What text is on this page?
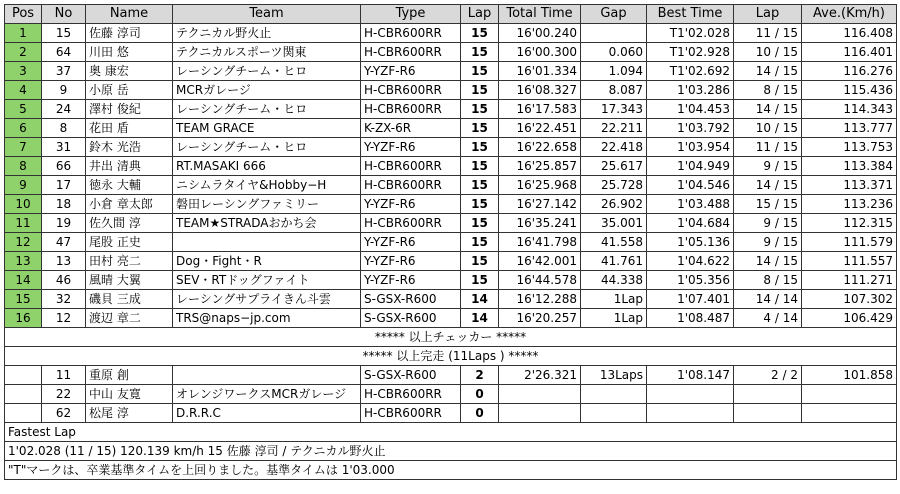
Pos	No	Name	Team	Type	Lap	Total Time	Gap	Best Time	Lap	Ave.(Km/h)
1	15	佐藤 淳司	テクニカル野火止	H-CBR600RR	15	16'00.240		T1'02.028	11 / 15	116.408
2	64	川田 悠	テクニカルスポーツ関東	H-CBR600RR	15	16'00.300	0.060	T1'02.928	10 / 15	116.401
3	37	奥 康宏	レーシングチーム・ヒロ	Y-YZF-R6	15	16'01.334	1.094	T1'02.692	14 / 15	116.276
4	9	小原 岳	MCRガレージ	H-CBR600RR	15	16'08.327	8.087	1'03.286	8 / 15	115.436
5	24	澤村 俊紀	レーシングチーム・ヒロ	H-CBR600RR	15	16'17.583	17.343	1'04.453	14 / 15	114.343
6	8	花田 盾	TEAM GRACE	K-ZX-6R	15	16'22.451	22.211	1'03.792	10 / 15	113.777
7	31	鈴木 光浩	レーシングチーム・ヒロ	Y-YZF-R6	15	16'22.658	22.418	1'03.954	11 / 15	113.753
8	66	井出 清典	RT.MASAKI 666	H-CBR600RR	15	16'25.857	25.617	1'04.949	9 / 15	113.384
9	17	徳永 大輔	ニシムラタイヤ&Hobby−H	H-CBR600RR	15	16'25.968	25.728	1'04.546	14 / 15	113.371
10	18	小倉 章太郎	磐田レーシングファミリー	Y-YZF-R6	15	16'27.142	26.902	1'03.488	15 / 15	113.236
11	19	佐久間 淳	TEAM★STRADAおかち会	H-CBR600RR	15	16'35.241	35.001	1'04.684	9 / 15	112.315
12	47	尾股 正史		Y-YZF-R6	15	16'41.798	41.558	1'05.136	9 / 15	111.579
13	13	田村 亮二	Dog・Fight・R	Y-YZF-R6	15	16'42.001	41.761	1'04.622	14 / 15	111.557
14	46	風晴 大翼	SEV・RTドッグファイト	Y-YZF-R6	15	16'44.578	44.338	1'05.356	8 / 15	111.271
15	32	磯貝 三成	レーシングサプライきん斗雲	S-GSX-R600	14	16'12.288	1Lap	1'07.401	14 / 14	107.302
16	12	渡辺 章二	TRS@naps−jp.com	S-GSX-R600	14	16'20.257	1Lap	1'08.487	4 / 14	106.429
***** 以上チェッカー *****										
***** 以上完走 (11Laps ) *****										
	11	重原 創		S-GSX-R600	2	2'26.321	13Laps	1'08.147	2 / 2	101.858
	22	中山 友寛	オレンジワークスMCRガレージ	H-CBR600RR	0					
	62	松尾 淳	D.R.R.C	H-CBR600RR	0					
Fastest Lap										
1'02.028 (11 / 15) 120.139 km/h 15 佐藤 淳司 / テクニカル野火止										
"T"マークは、卒業基準タイムを上回りました。基準タイムは 1'03.000										
